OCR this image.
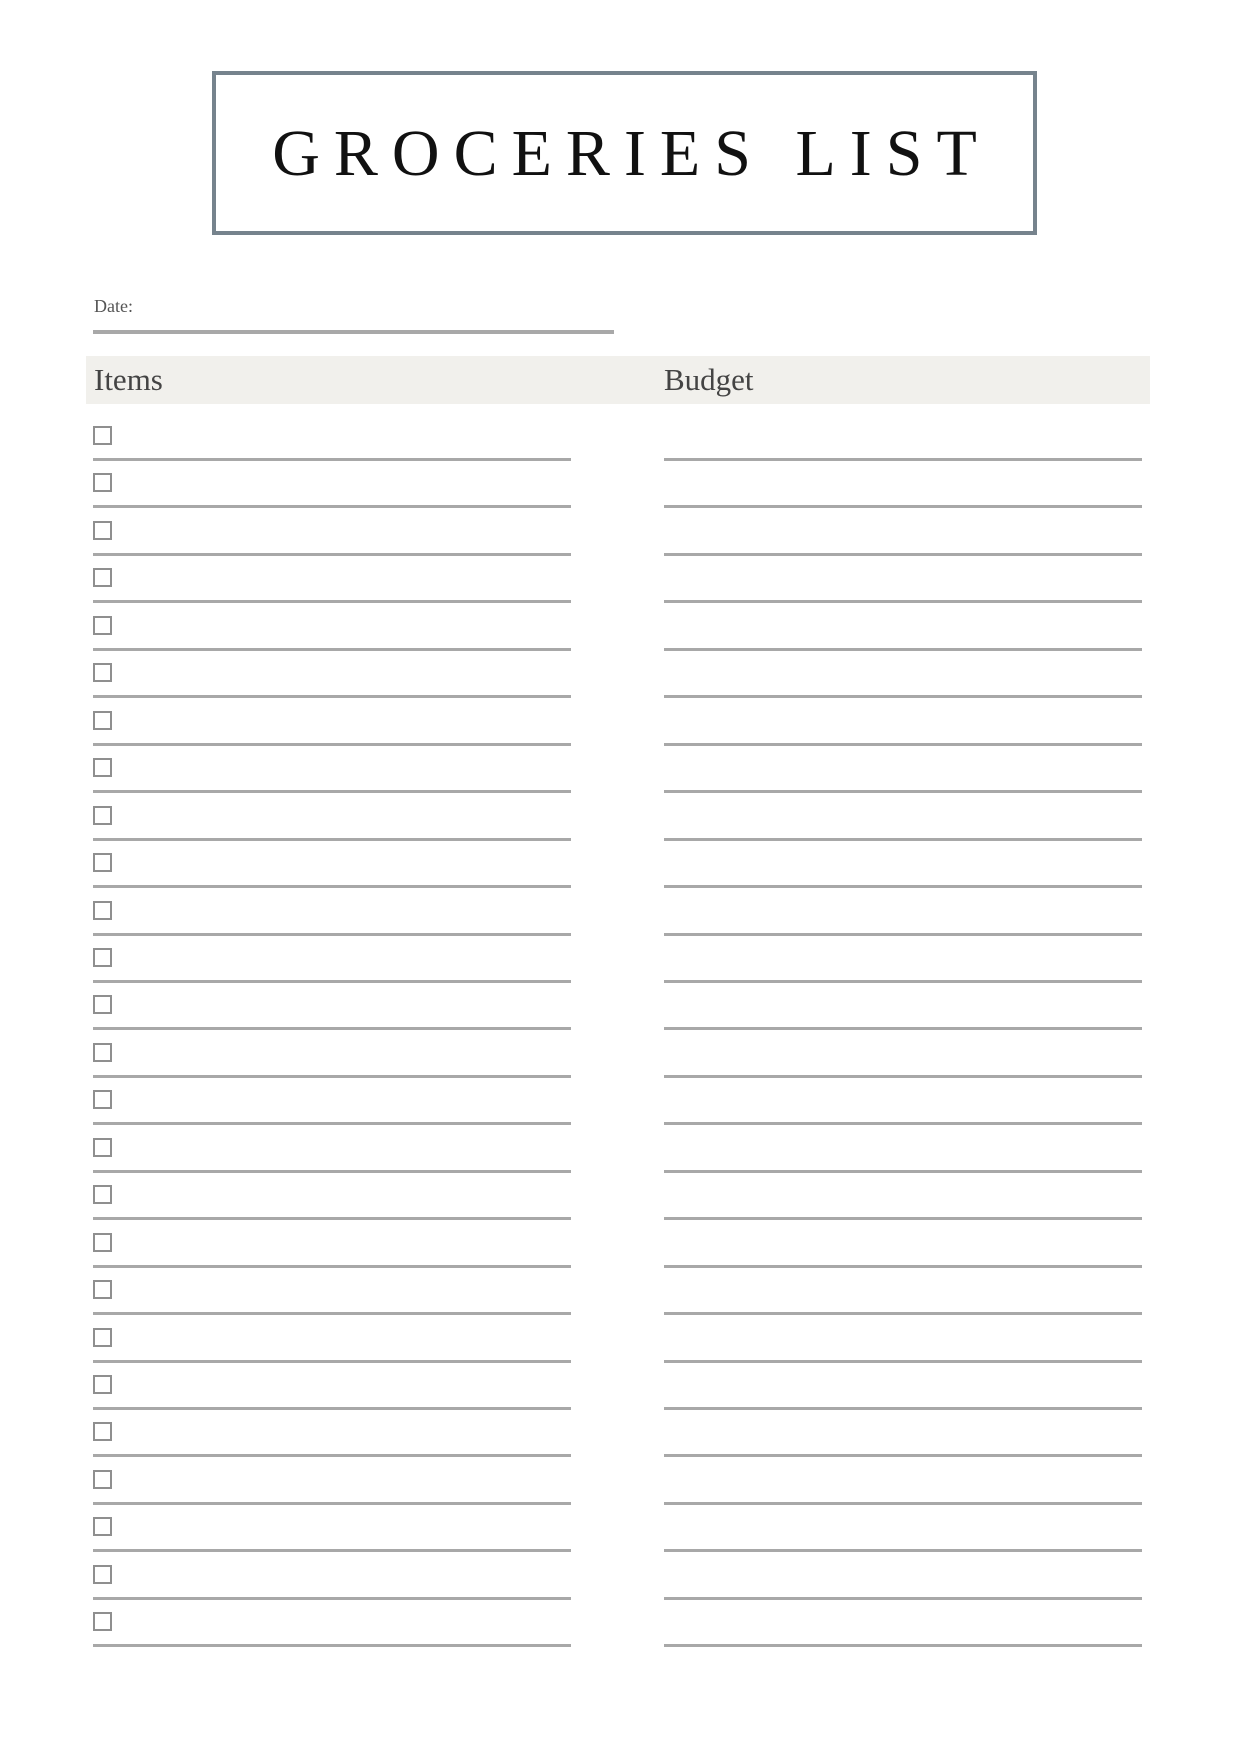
GROCERIES LIST
Date:
Items	Budget
